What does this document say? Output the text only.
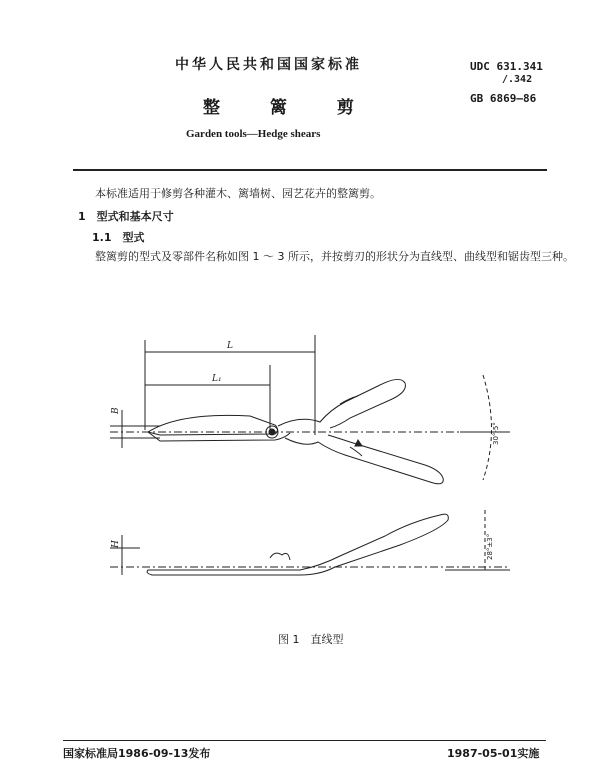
中华人民共和国国家标准	UDC 631.341
/.342
GB 6869—86
整 篱 剪
Garden tools—Hedge shears
本标准适用于修剪各种灌木、篱墙树、园艺花卉的整篱剪。
1　型式和基本尺寸
1.1　型式
整篱剪的型式及零部件名称如图 1 ～ 3 所示，并按剪刃的形状分为直线型、曲线型和锯齿型三种。
L
L₁
B
H
30°-5°
28°±3°
图 1　直线型
国家标准局1986-09-13发布	1987-05-01实施
